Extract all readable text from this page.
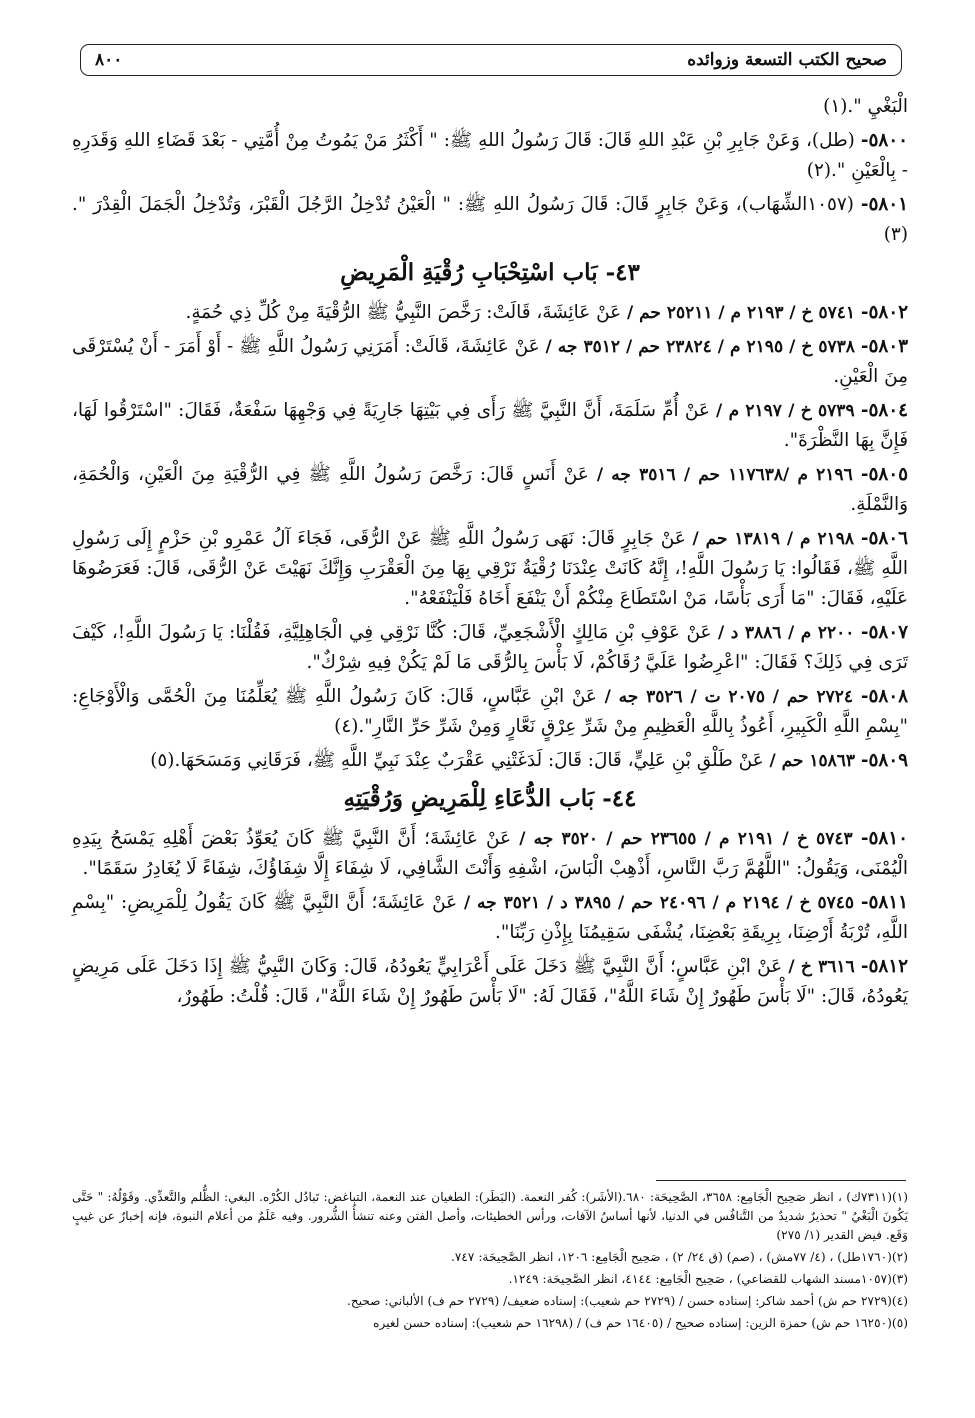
صحيح الكتب التسعة وزوائده
٨٠٠

الْبَغْيِ ".(١)

٥٨٠٠- (طل)، وَعَنْ جَابِرِ بْنِ عَبْدِ اللهِ قَالَ: قَالَ رَسُولُ اللهِ ﷺ: " أَكْثَرُ مَنْ يَمُوتُ مِنْ أُمَّتِي - بَعْدَ قَضَاءِ اللهِ وَقَدَرِهِ - بِالْعَيْنِ ".(٢)

٥٨٠١- (١٠٥٧الشِّهَاب)، وَعَنْ جَابِرٍ قَالَ: قَالَ رَسُولُ اللهِ ﷺ: " الْعَيْنُ تُدْخِلُ الرَّجُلَ الْقَبْرَ، وَتُدْخِلُ الْجَمَلَ الْقِدْرَ ".(٣)

٤٣- بَاب اسْتِحْبَابِ رُقْيَةِ الْمَرِيضِ

٥٨٠٢- ٥٧٤١ خ / ٢١٩٣ م / ٢٥٢١١ حم / عَنْ عَائِشَةَ، قَالَتْ: رَخَّصَ النَّبِيُّ ﷺ الرُّقْيَةَ مِنْ كُلِّ ذِي حُمَةٍ.

٥٨٠٣- ٥٧٣٨ خ / ٢١٩٥ م / ٢٣٨٢٤ حم / ٣٥١٢ جه / عَنْ عَائِشَةَ، قَالَتْ: أَمَرَنِي رَسُولُ اللَّهِ ﷺ - أَوْ أَمَرَ - أَنْ يُسْتَرْقَى مِنَ الْعَيْنِ.

٥٨٠٤- ٥٧٣٩ خ / ٢١٩٧ م / عَنْ أُمِّ سَلَمَةَ، أَنَّ النَّبِيَّ ﷺ رَأَى فِي بَيْتِهَا جَارِيَةً فِي وَجْهِهَا سَفْعَةٌ، فَقَالَ: "اسْتَرْقُوا لَهَا، فَإِنَّ بِهَا النَّظْرَةَ".

٥٨٠٥- ٢١٩٦ م /١١٧٦٣٨ حم / ٣٥١٦ جه / عَنْ أَنَسٍ قَالَ: رَخَّصَ رَسُولُ اللَّهِ ﷺ فِي الرُّقْيَةِ مِنَ الْعَيْنِ، وَالْحُمَةِ، وَالنَّمْلَةِ.

٥٨٠٦- ٢١٩٨ م / ١٣٨١٩ حم / عَنْ جَابِرٍ قَالَ: نَهَى رَسُولُ اللَّهِ ﷺ عَنْ الرُّقَى، فَجَاءَ آلُ عَمْرِو بْنِ حَزْمٍ إِلَى رَسُولِ اللَّهِ ﷺ، فَقَالُوا: يَا رَسُولَ اللَّهِ!، إِنَّهُ كَانَتْ عِنْدَنَا رُقْيَةٌ نَرْقِي بِهَا مِنَ الْعَقْرَبِ وَإِنَّكَ نَهَيْتَ عَنْ الرُّقَى، قَالَ: فَعَرَضُوهَا عَلَيْهِ، فَقَالَ: "مَا أَرَى بَأْسًا، مَنْ اسْتَطَاعَ مِنْكُمْ أَنْ يَنْفَعَ أَخَاهُ فَلْيَنْفَعْهُ".

٥٨٠٧- ٢٢٠٠ م / ٣٨٨٦ د / عَنْ عَوْفِ بْنِ مَالِكٍ الْأَشْجَعِيِّ، قَالَ: كُنَّا نَرْقِي فِي الْجَاهِلِيَّةِ، فَقُلْنَا: يَا رَسُولَ اللَّهِ!، كَيْفَ تَرَى فِي ذَلِكَ؟ فَقَالَ: "اعْرِضُوا عَلَيَّ رُقَاكُمْ، لَا بَأْسَ بِالرُّقَى مَا لَمْ يَكُنْ فِيهِ شِرْكٌ".

٥٨٠٨- ٢٧٢٤ حم / ٢٠٧٥ ت / ٣٥٢٦ جه / عَنْ ابْنِ عَبَّاسٍ، قَالَ: كَانَ رَسُولُ اللَّهِ ﷺ يُعَلِّمُنَا مِنَ الْحُمَّى وَالْأَوْجَاعِ: "بِسْمِ اللَّهِ الْكَبِيرِ، أَعُوذُ بِاللَّهِ الْعَظِيمِ مِنْ شَرِّ عِرْقٍ نَعَّارٍ وَمِنْ شَرِّ حَرِّ النَّارِ".(٤)

٥٨٠٩- ١٥٨٦٣ حم / عَنْ طَلْقِ بْنِ عَلِيٍّ، قَالَ: قَالَ: لَدَغَتْنِي عَقْرَبٌ عِنْدَ نَبِيِّ اللَّهِ ﷺ، فَرَقَانِي وَمَسَحَهَا.(٥)

٤٤- بَاب الدُّعَاءِ لِلْمَرِيضِ وَرُقْيَتِهِ

٥٨١٠- ٥٧٤٣ خ / ٢١٩١ م / ٢٣٦٥٥ حم / ٣٥٢٠ جه / عَنْ عَائِشَةَ؛ أَنَّ النَّبِيَّ ﷺ كَانَ يُعَوِّذُ بَعْضَ أَهْلِهِ يَمْسَحُ بِيَدِهِ الْيُمْنَى، وَيَقُولُ: "اللَّهُمَّ رَبَّ النَّاسِ، أَذْهِبْ الْبَاسَ، اشْفِهِ وَأَنْتَ الشَّافِي، لَا شِفَاءَ إِلَّا شِفَاؤُكَ، شِفَاءً لَا يُغَادِرُ سَقَمًا".

٥٨١١- ٥٧٤٥ خ / ٢١٩٤ م / ٢٤٠٩٦ حم / ٣٨٩٥ د / ٣٥٢١ جه / عَنْ عَائِشَةَ؛ أَنَّ النَّبِيَّ ﷺ كَانَ يَقُولُ لِلْمَرِيضِ: "بِسْمِ اللَّهِ، تُرْبَةُ أَرْضِنَا، بِرِيقَةِ بَعْضِنَا، يُشْفَى سَقِيمُنَا بِإِذْنِ رَبِّنَا".

٥٨١٢- ٣٦١٦ خ / عَنْ ابْنِ عَبَّاسٍ؛ أَنَّ النَّبِيَّ ﷺ دَخَلَ عَلَى أَعْرَابِيٍّ يَعُودُهُ، قَالَ: وَكَانَ النَّبِيُّ ﷺ إِذَا دَخَلَ عَلَى مَرِيضٍ يَعُودُهُ، قَالَ: "لَا بَأْسَ طَهُورٌ إِنْ شَاءَ اللَّهُ"، فَقَالَ لَهُ: "لَا بَأْسَ طَهُورٌ إِنْ شَاءَ اللَّهُ"، قَالَ: قُلْتُ: طَهُورٌ،

(١)(٧٣١١ك) ، انظر صَحِيح الْجَامِع: ٣٦٥٨، الصَّحِيحَة: ٦٨٠.(الأشَر): كُفر النعمة. (البَطَر): الطغيان عند النعمة، التباغض: تَبادُل الكُرْه. البغي: الظُّلم والتَّعدِّي. وقَوْلُهُ: " حَتَّى يَكُونَ الْبَغْيُ " تحذيرٌ شديدٌ من التَّنافُس في الدنيا، لأنها أساسُ الآفات، ورأس الخطيئات، وأصل الفتن وعنه تنشأُ الشُّرور. وفيه عَلَمٌ من أعلام النبوة، فإنه إخبارٌ عن غيبٍ وَقَع. فيض القدير (١/ ٢٧٥)

(٢)(١٧٦٠طل) ، (٤/ ٧٧مش) ، (صم) (ق ٢٤/ ٢) ، صَحِيح الْجَامِع: ١٢٠٦، انظر الصَّحِيحَة: ٧٤٧.

(٣)(١٠٥٧مسند الشهاب للقضاعي) ، صَحِيح الْجَامِع: ٤١٤٤، انظر الصَّحِيحَة: ١٢٤٩.

(٤)(٢٧٢٩ حم ش) أحمد شاكر: إسناده حسن / (٢٧٢٩ حم شعيب): إسناده ضعيف/ (٢٧٢٩ حم ف) الألباني: صحيح.

(٥)(١٦٢٥٠ حم ش) حمزة الزين: إسناده صحيح / (١٦٤٠٥ حم ف) / (١٦٢٩٨ حم شعيب): إسناده حسن لغيره
